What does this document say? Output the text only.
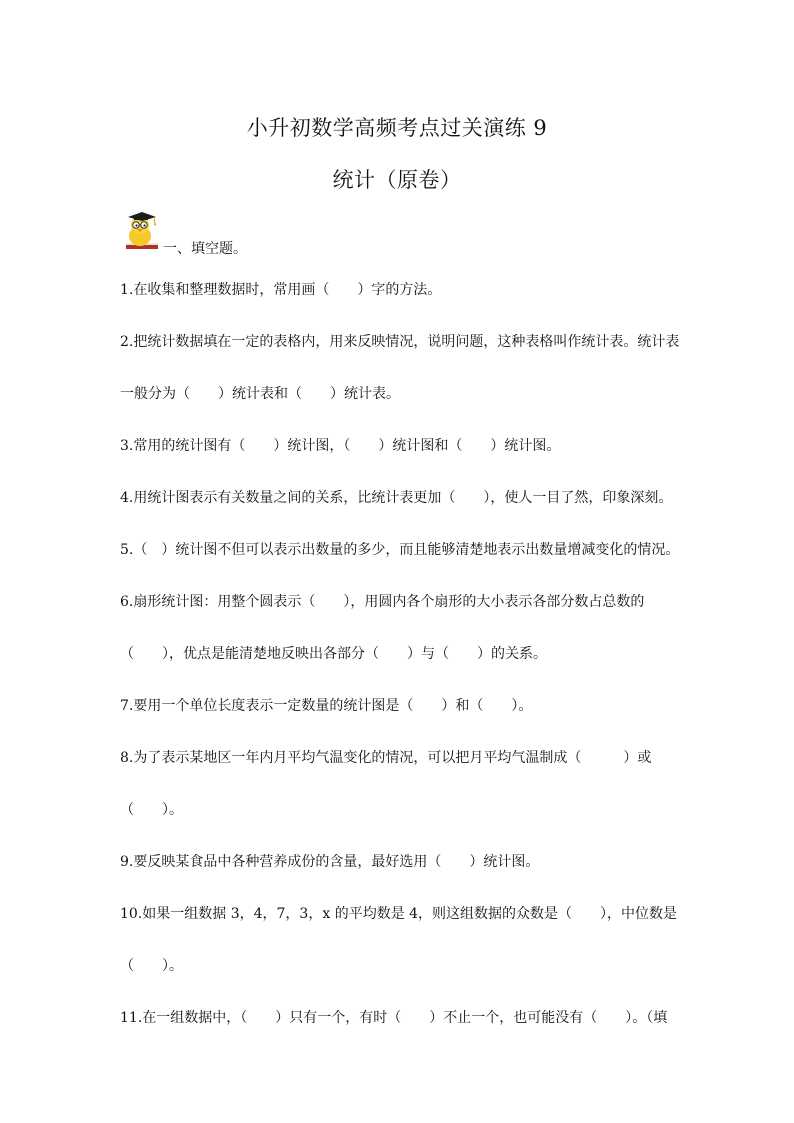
小升初数学高频考点过关演练 9
统计（原卷）
一、填空题。
1.在收集和整理数据时，常用画（　　）字的方法。
2.把统计数据填在一定的表格内，用来反映情况，说明问题，这种表格叫作统计表。统计表
一般分为（　　）统计表和（　　）统计表。
3.常用的统计图有（　　）统计图，（　　）统计图和（　　）统计图。
4.用统计图表示有关数量之间的关系，比统计表更加（　　），使人一目了然，印象深刻。
5.（　）统计图不但可以表示出数量的多少，而且能够清楚地表示出数量增减变化的情况。
6.扇形统计图：用整个圆表示（　　），用圆内各个扇形的大小表示各部分数占总数的
（　　），优点是能清楚地反映出各部分（　　）与（　　）的关系。
7.要用一个单位长度表示一定数量的统计图是（　　）和（　　）。
8.为了表示某地区一年内月平均气温变化的情况，可以把月平均气温制成（　　　）或
（　　）。
9.要反映某食品中各种营养成份的含量，最好选用（　　）统计图。
10.如果一组数据 3，4，7，3，x 的平均数是 4，则这组数据的众数是（　　），中位数是
（　　）。
11.在一组数据中，（　　）只有一个，有时（　　）不止一个，也可能没有（　　）。（填
